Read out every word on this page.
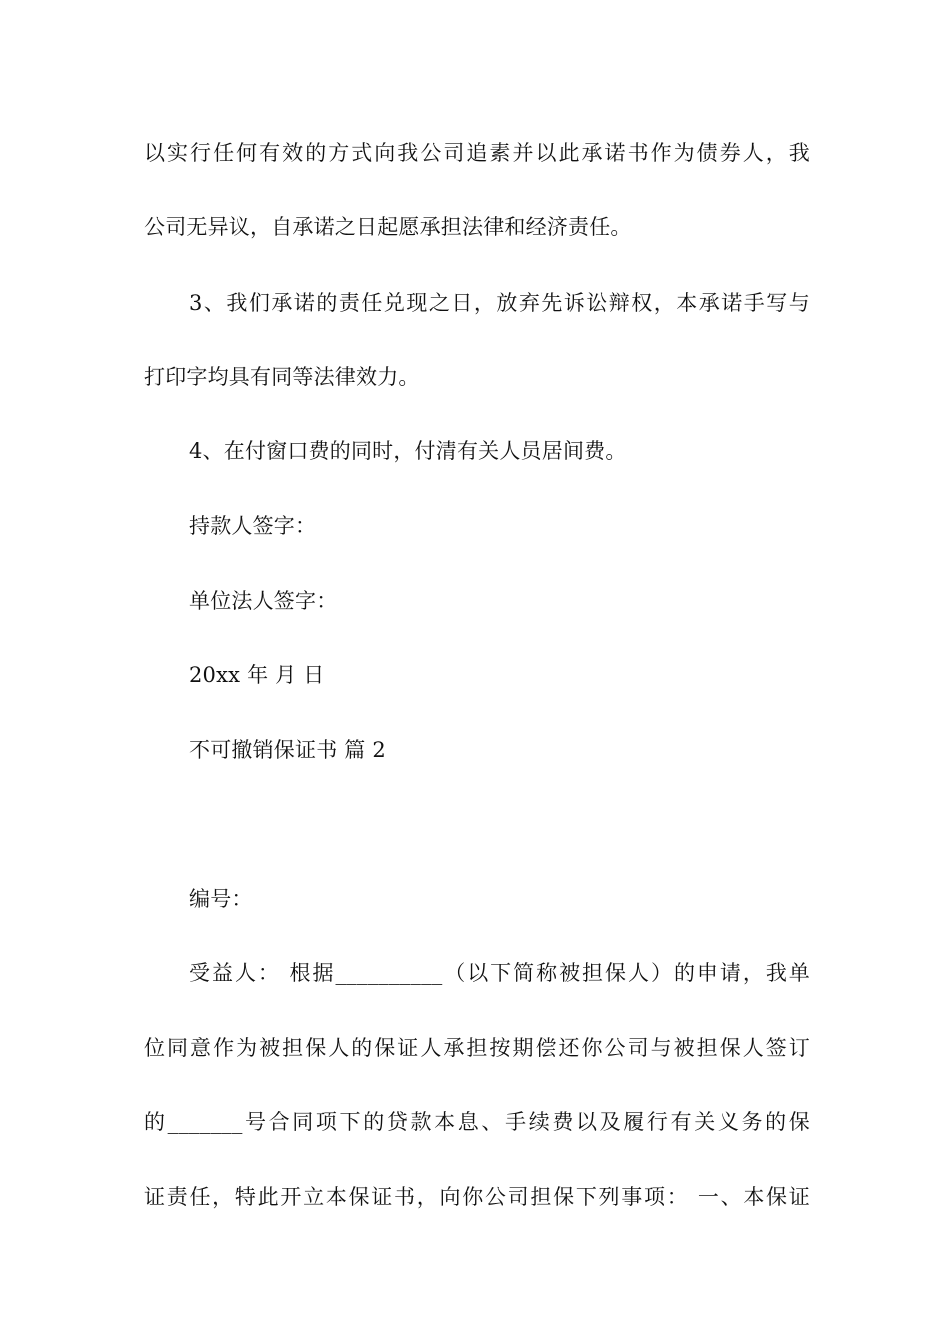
以实行任何有效的方式向我公司追素并以此承诺书作为债券人，我
公司无异议，自承诺之日起愿承担法律和经济责任。
3、我们承诺的责任兑现之日，放弃先诉讼辩权，本承诺手写与
打印字均具有同等法律效力。
4、在付窗口费的同时，付清有关人员居间费。
持款人签字：
单位法人签字：
20xx 年 月 日
不可撤销保证书 篇 2
编号：
受益人： 根据__________（以下简称被担保人）的申请，我单
位同意作为被担保人的保证人承担按期偿还你公司与被担保人签订
的_______号合同项下的贷款本息、手续费以及履行有关义务的保
证责任，特此开立本保证书，向你公司担保下列事项： 一、本保证
